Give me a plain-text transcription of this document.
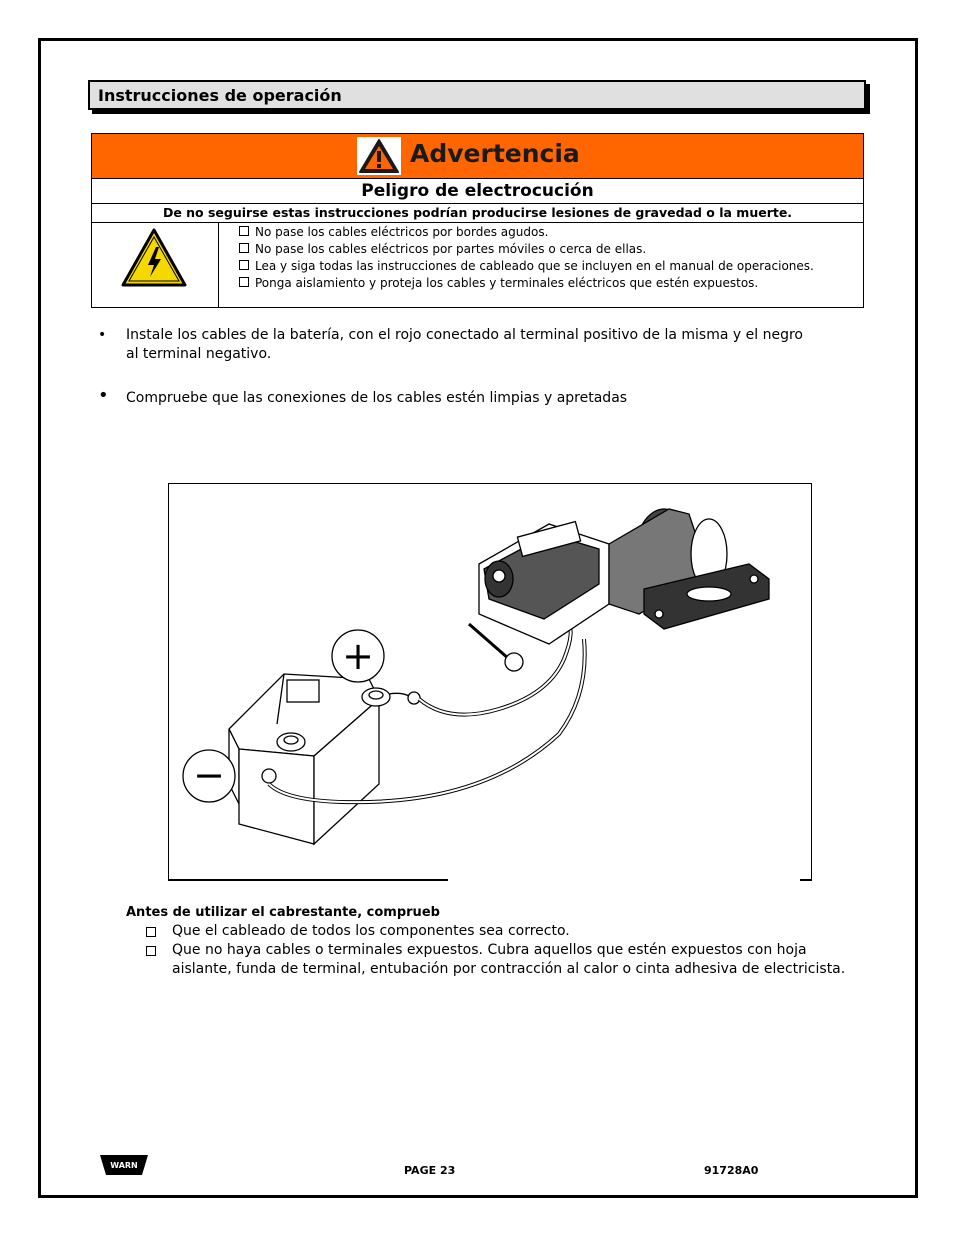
Instrucciones de operación
Advertencia
Peligro de electrocución
De no seguirse estas instrucciones podrían producirse lesiones de gravedad o la muerte.
No pase los cables eléctricos por bordes agudos.
No pase los cables eléctricos por partes móviles o cerca de ellas.
Lea y siga todas las instrucciones de cableado que se incluyen en el manual de operaciones.
Ponga aislamiento y proteja los cables y terminales eléctricos que estén expuestos.
• Instale los cables de la batería, con el rojo conectado al terminal positivo de la misma y el negro al terminal negativo.
• Compruebe que las conexiones de los cables estén limpias y apretadas
+
−
Antes de utilizar el cabrestante, comprueb
Que el cableado de todos los componentes sea correcto.
Que no haya cables o terminales expuestos. Cubra aquellos que estén expuestos con hoja aislante, funda de terminal, entubación por contracción al calor o cinta adhesiva de electricista.
WARN	PAGE 23	91728A0
